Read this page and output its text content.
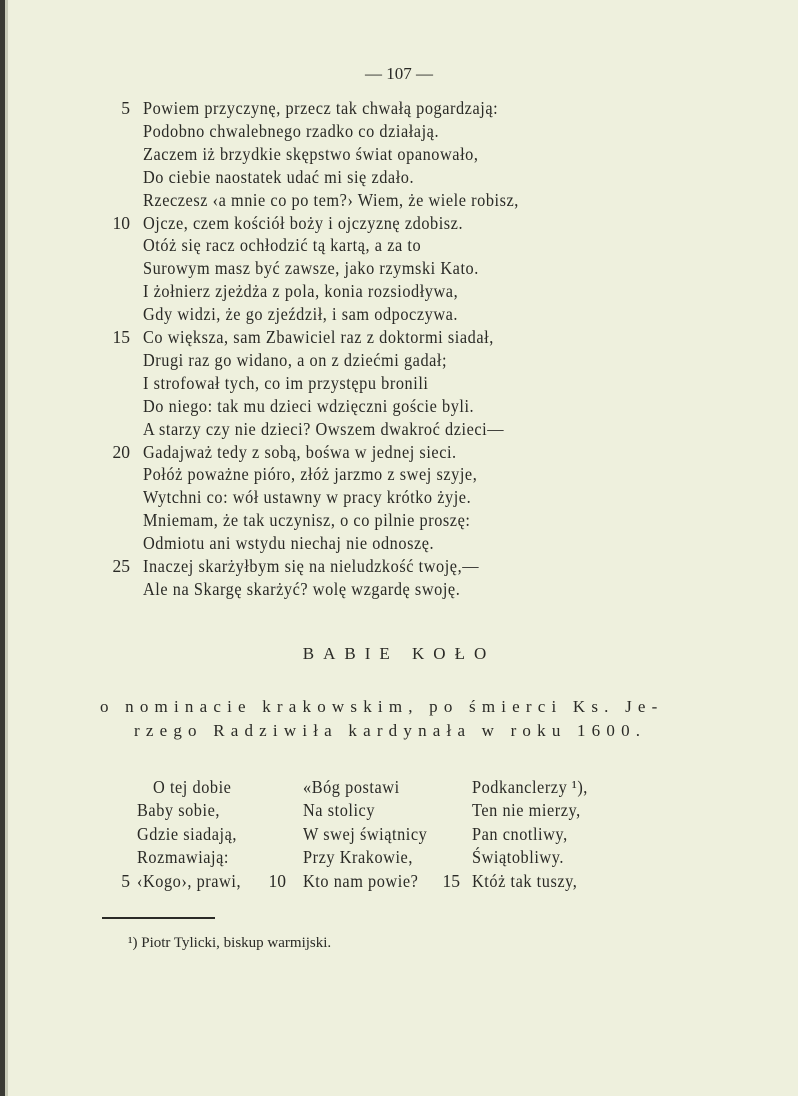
— 107 —
5 Powiem przyczynę, przecz tak chwałą pogardzają:
Podobno chwalebnego rzadko co działają.
Zaczem iż brzydkie skępstwo świat opanowało,
Do ciebie naostatek udać mi się zdało.
Rzeczesz ‹a mnie co po tem?› Wiem, że wiele robisz,
10 Ojcze, czem kościół boży i ojczyznę zdobisz.
Otóż się racz ochłodzić tą kartą, a za to
Surowym masz być zawsze, jako rzymski Kato.
I żołnierz zjeżdża z pola, konia rozsiodływa,
Gdy widzi, że go zjeździł, i sam odpoczywa.
15 Co większa, sam Zbawiciel raz z doktormi siadał,
Drugi raz go widano, a on z dziećmi gadał;
I strofował tych, co im przystępu bronili
Do niego: tak mu dzieci wdzięczni goście byli.
A starzy czy nie dzieci? Owszem dwakroć dzieci—
20 Gadajważ tedy z sobą, bośwa w jednej sieci.
Połóż poważne pióro, złóż jarzmo z swej szyje,
Wytchni co: wół ustawny w pracy krótko żyje.
Mniemam, że tak uczynisz, o co pilnie proszę:
Odmiotu ani wstydu niechaj nie odnoszę.
25 Inaczej skarżyłbym się na nieludzkość twoję,—
Ale na Skargę skarżyć? wolę wzgardę swoję.
BABIE KOŁO
o nominacie krakowskim, po śmierci Ks. Je-
rzego Radziwiła kardynała w roku 1600.
O tej dobie
Baby sobie,
Gdzie siadają,
Rozmawiają:
5 ‹Kogo›, prawi,
«Bóg postawi
Na stolicy
W swej świątnicy
Przy Krakowie,
10 Kto nam powie?
Podkanclerzy ¹),
Ten nie mierzy,
Pan cnotliwy,
Świątobliwy.
15 Któż tak tuszy,
¹) Piotr Tylicki, biskup warmijski.
